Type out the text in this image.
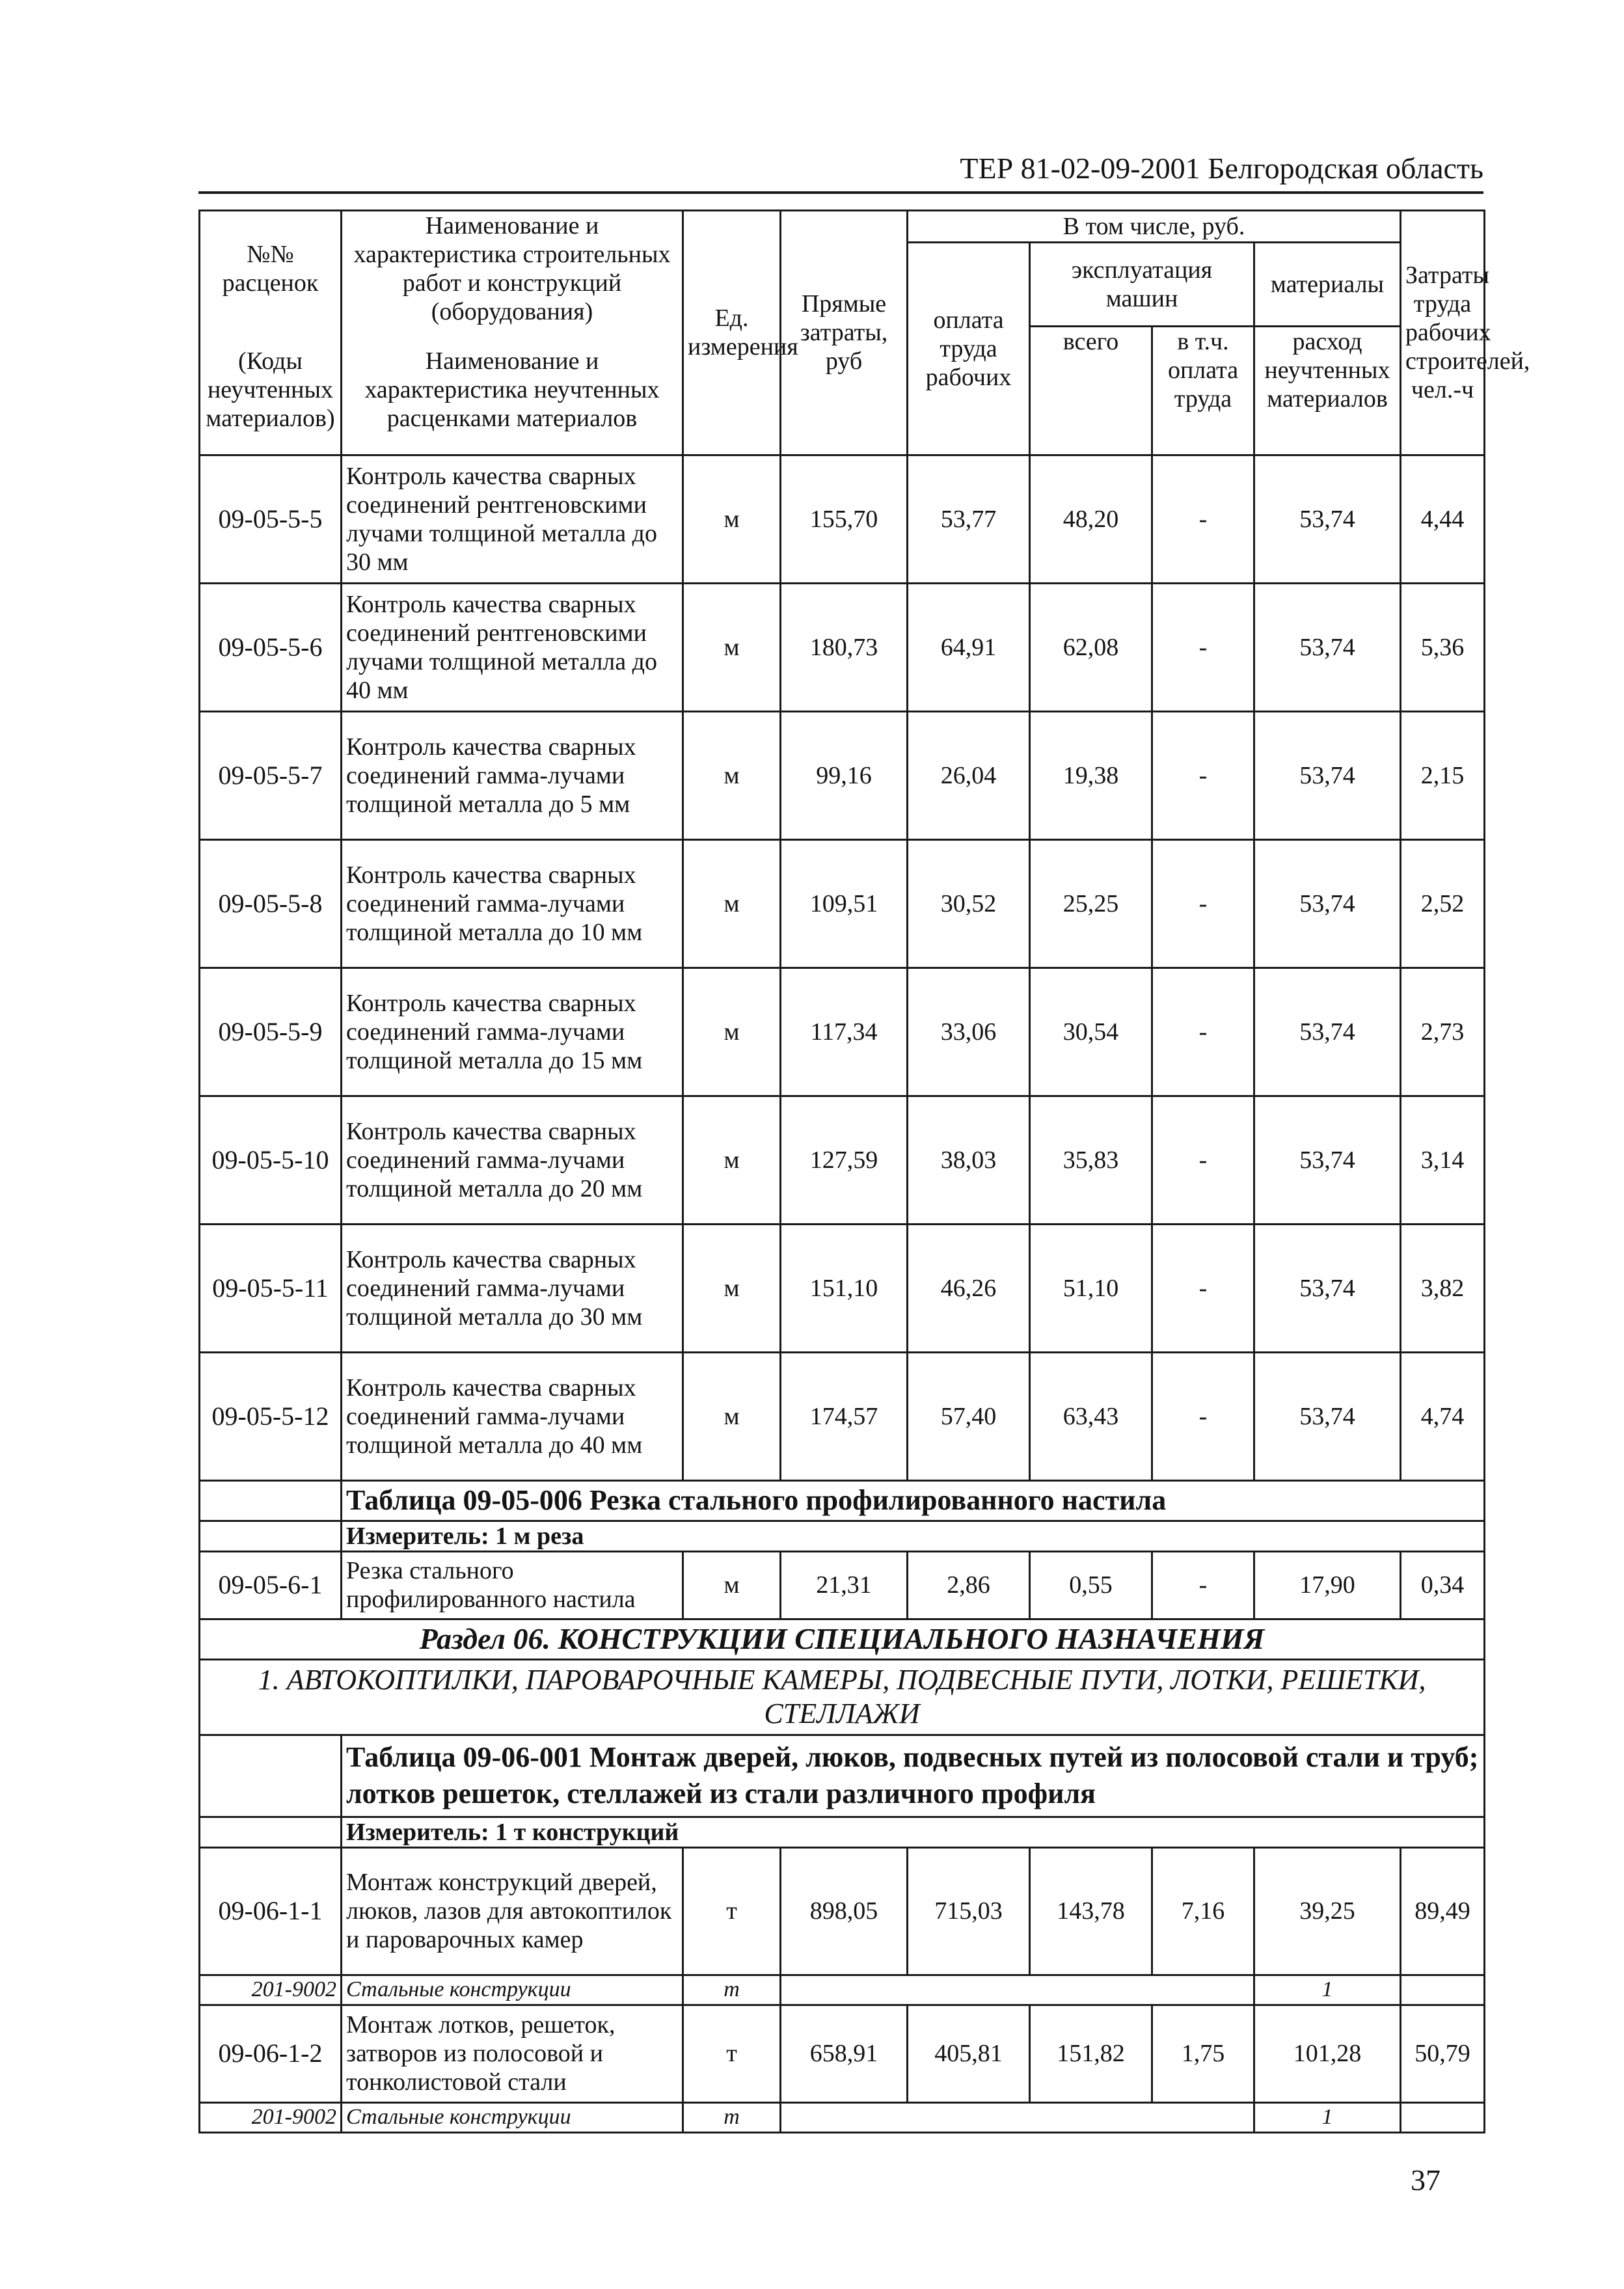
ТЕР 81-02-09-2001 Белгородская область
№№ расценок	Наименование и характеристика строительных работ и конструкций (оборудования)	Ед. измерения	Прямые затраты, руб	В том числе, руб.				Затраты труда рабочих строителей, чел.-ч
				оплата труда рабочих	эксплуатация машин		материалы	

(Коды неучтенных материалов)	Наименование и характеристика неучтенных расценками материалов				всего	в т.ч. оплата труда	расход неучтенных материалов	

09-05-5-5	Контроль качества сварных соединений рентгеновскими лучами толщиной металла до 30 мм	м	155,70	53,77	48,20	-	53,74	4,44
09-05-5-6	Контроль качества сварных соединений рентгеновскими лучами толщиной металла до 40 мм	м	180,73	64,91	62,08	-	53,74	5,36
09-05-5-7	Контроль качества сварных соединений гамма-лучами толщиной металла до 5 мм	м	99,16	26,04	19,38	-	53,74	2,15
09-05-5-8	Контроль качества сварных соединений гамма-лучами толщиной металла до 10 мм	м	109,51	30,52	25,25	-	53,74	2,52
09-05-5-9	Контроль качества сварных соединений гамма-лучами толщиной металла до 15 мм	м	117,34	33,06	30,54	-	53,74	2,73
09-05-5-10	Контроль качества сварных соединений гамма-лучами толщиной металла до 20 мм	м	127,59	38,03	35,83	-	53,74	3,14
09-05-5-11	Контроль качества сварных соединений гамма-лучами толщиной металла до 30 мм	м	151,10	46,26	51,10	-	53,74	3,82
09-05-5-12	Контроль качества сварных соединений гамма-лучами толщиной металла до 40 мм	м	174,57	57,40	63,43	-	53,74	4,74
	Таблица 09-05-006 Резка стального профилированного настила							
	Измеритель: 1 м реза							
09-05-6-1	Резка стального профилированного настила	м	21,31	2,86	0,55	-	17,90	0,34
Раздел 06. КОНСТРУКЦИИ СПЕЦИАЛЬНОГО НАЗНАЧЕНИЯ								
1. АВТОКОПТИЛКИ, ПАРОВАРОЧНЫЕ КАМЕРЫ, ПОДВЕСНЫЕ ПУТИ, ЛОТКИ, РЕШЕТКИ, СТЕЛЛАЖИ								
	Таблица 09-06-001 Монтаж дверей, люков, подвесных путей из полосовой стали и труб; лотков решеток, стеллажей из стали различного профиля							
	Измеритель: 1 т конструкций							
09-06-1-1	Монтаж конструкций дверей, люков, лазов для автокоптилок и пароварочных камер	т	898,05	715,03	143,78	7,16	39,25	89,49
201-9002	Стальные конструкции	т					1	
09-06-1-2	Монтаж лотков, решеток, затворов из полосовой и тонколистовой стали	т	658,91	405,81	151,82	1,75	101,28	50,79
201-9002	Стальные конструкции	т					1	
37
